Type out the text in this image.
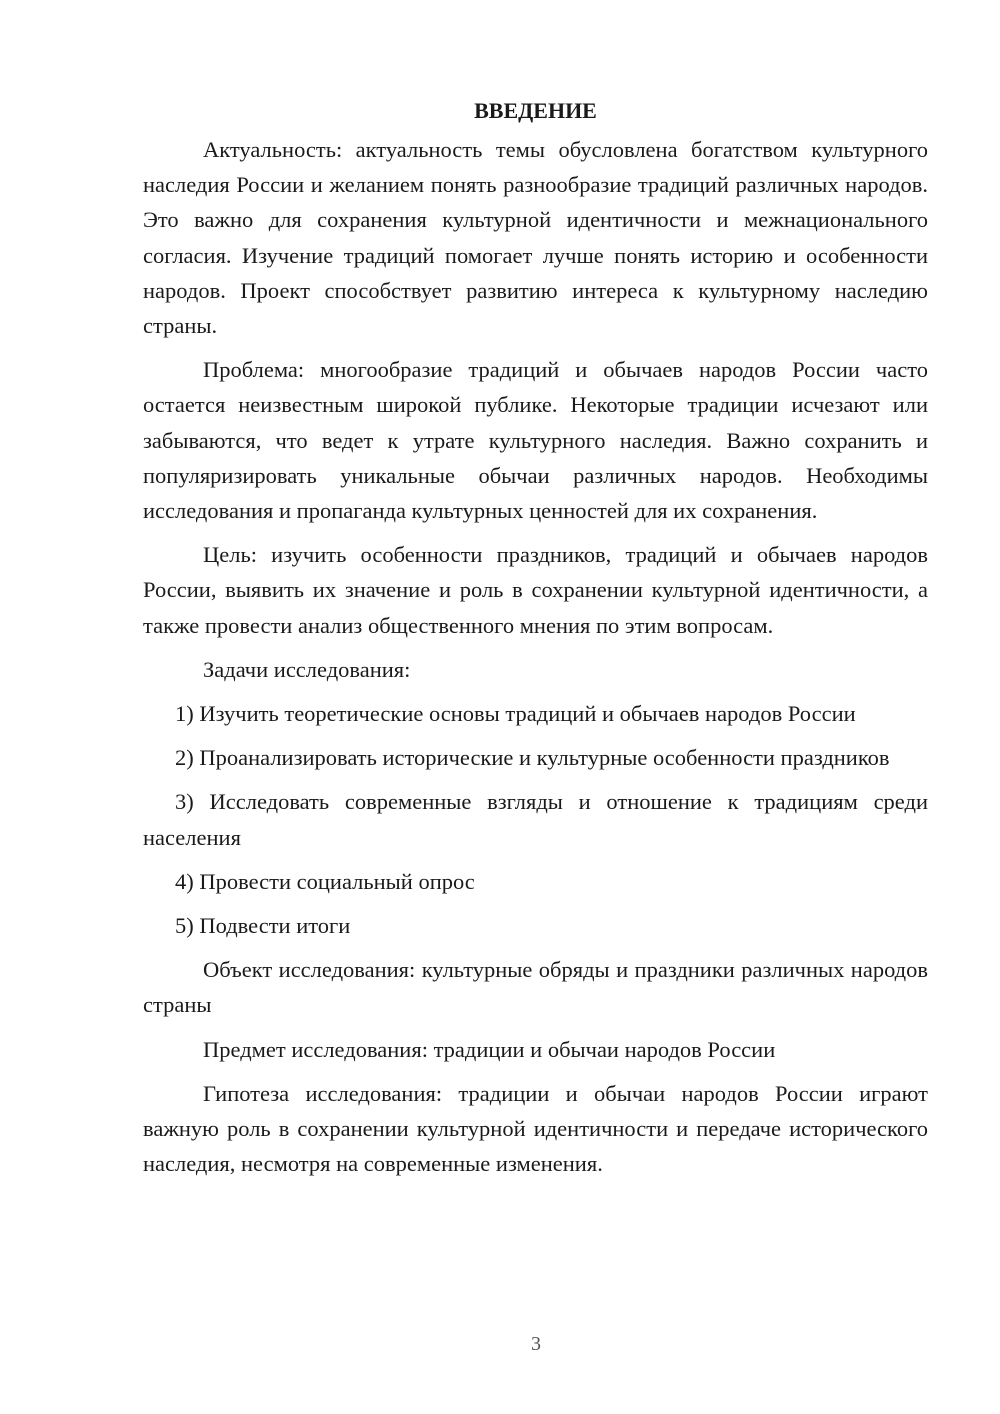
ВВЕДЕНИЕ

Актуальность: актуальность темы обусловлена богатством культурного наследия России и желанием понять разнообразие традиций различных народов. Это важно для сохранения культурной идентичности и межнационального согласия. Изучение традиций помогает лучше понять историю и особенности народов. Проект способствует развитию интереса к культурному наследию страны.

Проблема: многообразие традиций и обычаев народов России часто остается неизвестным широкой публике. Некоторые традиции исчезают или забываются, что ведет к утрате культурного наследия. Важно сохранить и популяризировать уникальные обычаи различных народов. Необходимы исследования и пропаганда культурных ценностей для их сохранения.

Цель: изучить особенности праздников, традиций и обычаев народов России, выявить их значение и роль в сохранении культурной идентичности, а также провести анализ общественного мнения по этим вопросам.

Задачи исследования:

1) Изучить теоретические основы традиций и обычаев народов России

2) Проанализировать исторические и культурные особенности праздников

3) Исследовать современные взгляды и отношение к традициям среди населения

4) Провести социальный опрос

5) Подвести итоги

Объект исследования: культурные обряды и праздники различных народов страны

Предмет исследования: традиции и обычаи народов России

Гипотеза исследования: традиции и обычаи народов России играют важную роль в сохранении культурной идентичности и передаче исторического наследия, несмотря на современные изменения.

3
